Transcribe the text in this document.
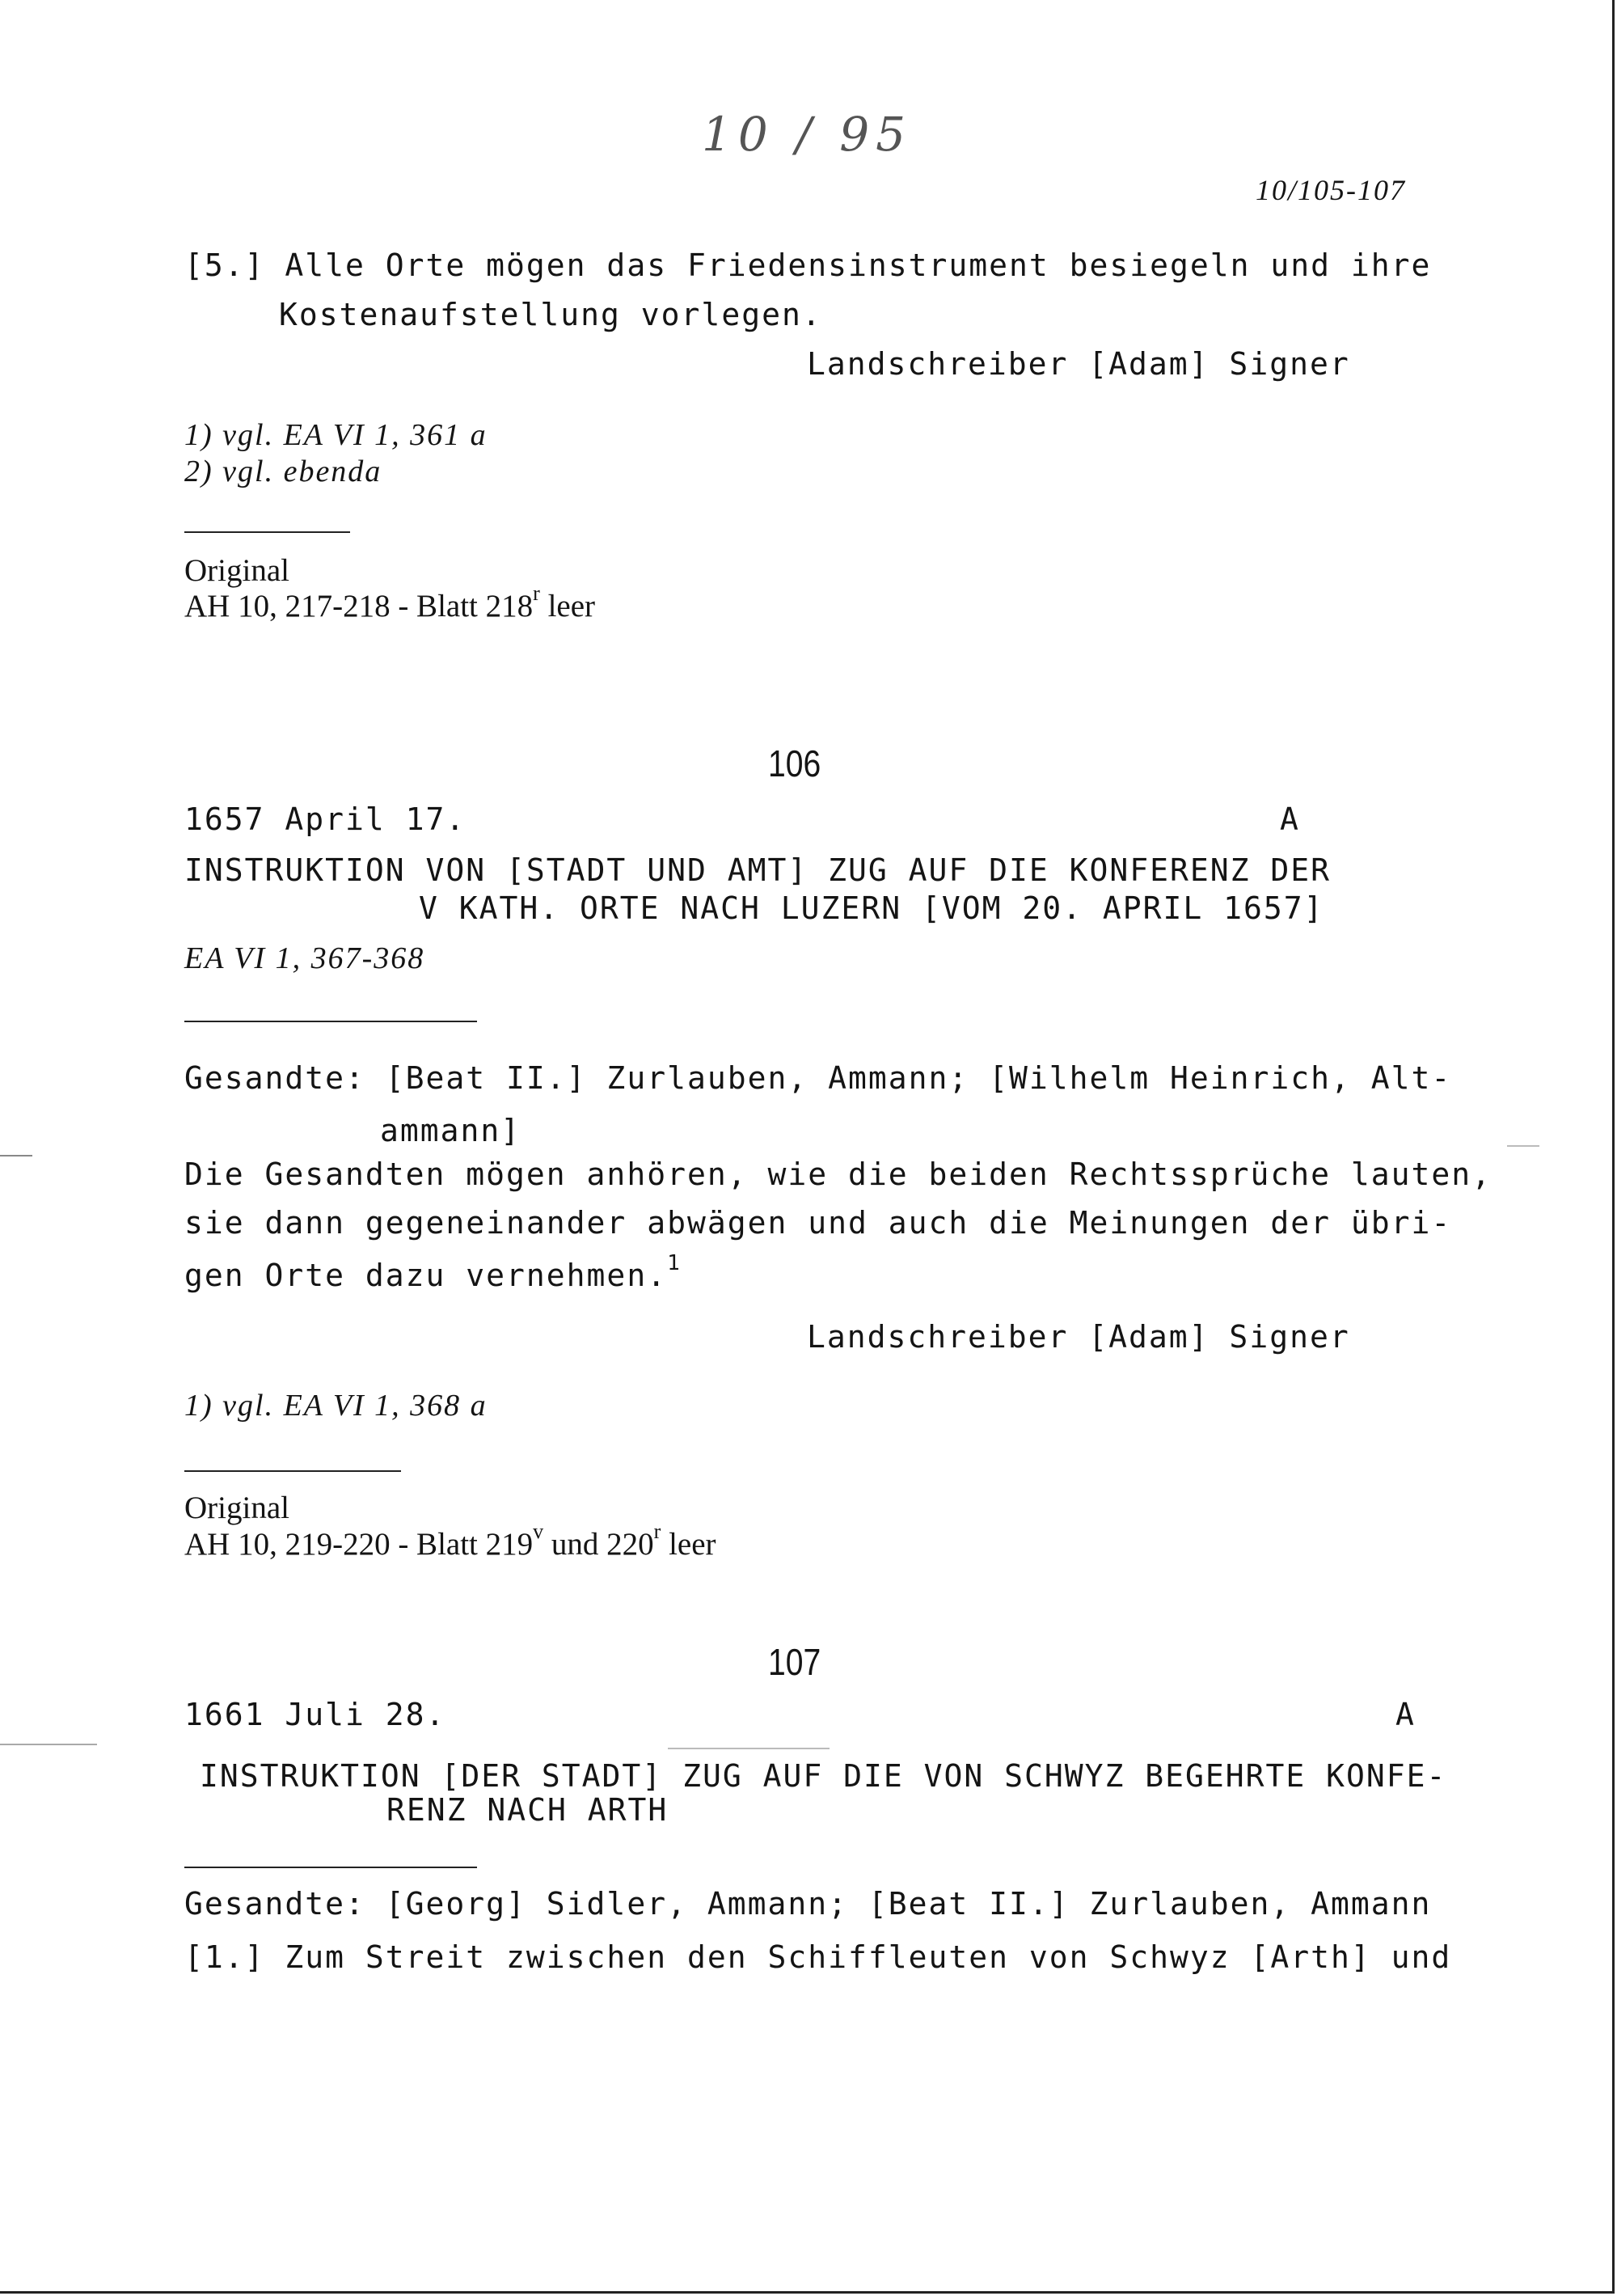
10 / 95
10/105-107
[5.] Alle Orte mögen das Friedensinstrument besiegeln und ihre
Kostenaufstellung vorlegen.
Landschreiber [Adam] Signer
1) vgl. EA VI 1, 361 a
2) vgl. ebenda
Original
AH 10, 217-218 - Blatt 218$^r$ leer
106
1657 April 17.	A
INSTRUKTION VON [STADT UND AMT] ZUG AUF DIE KONFERENZ DER
V KATH. ORTE NACH LUZERN [VOM 20. APRIL 1657]
EA VI 1, 367-368
Gesandte: [Beat II.] Zurlauben, Ammann; [Wilhelm Heinrich, Alt-
ammann]
Die Gesandten mögen anhören, wie die beiden Rechtssprüche lauten,
sie dann gegeneinander abwägen und auch die Meinungen der übri-
gen Orte dazu vernehmen.$^1$
Landschreiber [Adam] Signer
1) vgl. EA VI 1, 368 a
Original
AH 10, 219-220 - Blatt 219$^v$ und 220$^r$ leer
107
1661 Juli 28.	A
INSTRUKTION [DER STADT] ZUG AUF DIE VON SCHWYZ BEGEHRTE KONFE-
RENZ NACH ARTH
Gesandte: [Georg] Sidler, Ammann; [Beat II.] Zurlauben, Ammann
[1.] Zum Streit zwischen den Schiffleuten von Schwyz [Arth] und
